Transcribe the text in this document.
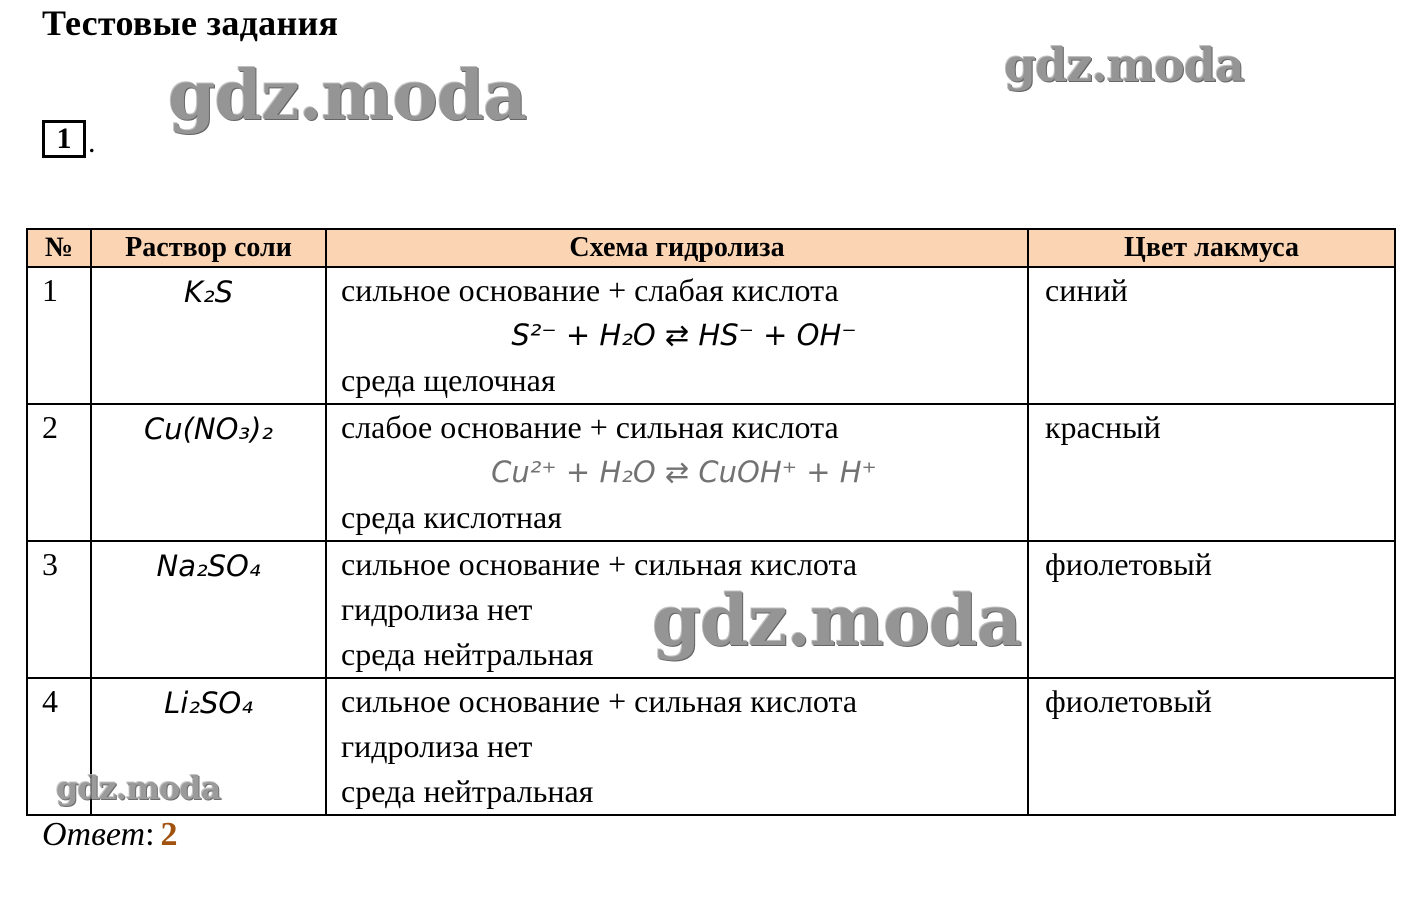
Тестовые задания
1 .
gdz.moda	gdz.moda
gdz.moda
gdz.moda
№	Раствор соли	Схема гидролиза	Цвет лакмуса
1	K₂S	сильное основание + слабая кислота
S²⁻ + H₂O ⇄ HS⁻ + OH⁻
среда щелочная	синий
2	Cu(NO₃)₂	слабое основание + сильная кислота
Cu²⁺ + H₂O ⇄ CuOH⁺ + H⁺
среда кислотная	красный
3	Na₂SO₄	сильное основание + сильная кислота
гидролиза нет
среда нейтральная	фиолетовый
4	Li₂SO₄	сильное основание + сильная кислота
гидролиза нет
среда нейтральная	фиолетовый
Ответ: 2
